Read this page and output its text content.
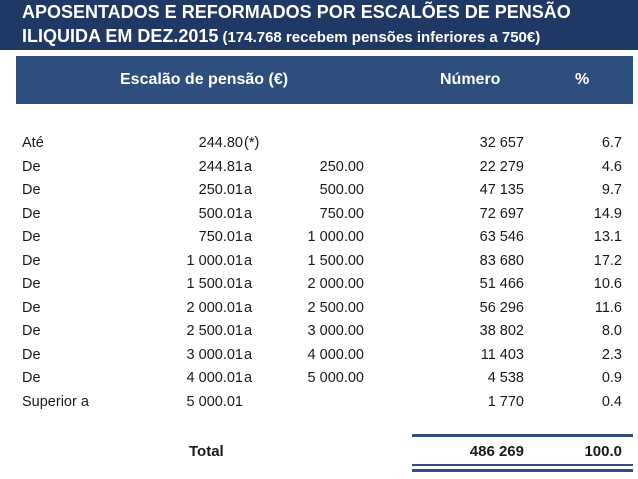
APOSENTADOS E REFORMADOS POR ESCALÕES DE PENSÃO
ILIQUIDA EM DEZ.2015 (174.768 recebem pensões inferiores a 750€)
Escalão de pensão (€)	Número	%
Até	244.80 (*)	32 657	6.7
De	244.81 a	250.00	22 279	4.6
De	250.01 a	500.00	47 135	9.7
De	500.01 a	750.00	72 697	14.9
De	750.01 a	1 000.00	63 546	13.1
De	1 000.01 a	1 500.00	83 680	17.2
De	1 500.01 a	2 000.00	51 466	10.6
De	2 000.01 a	2 500.00	56 296	11.6
De	2 500.01 a	3 000.00	38 802	8.0
De	3 000.01 a	4 000.00	11 403	2.3
De	4 000.01 a	5 000.00	4 538	0.9
Superior a	5 000.01	1 770	0.4
Total	486 269	100.0
